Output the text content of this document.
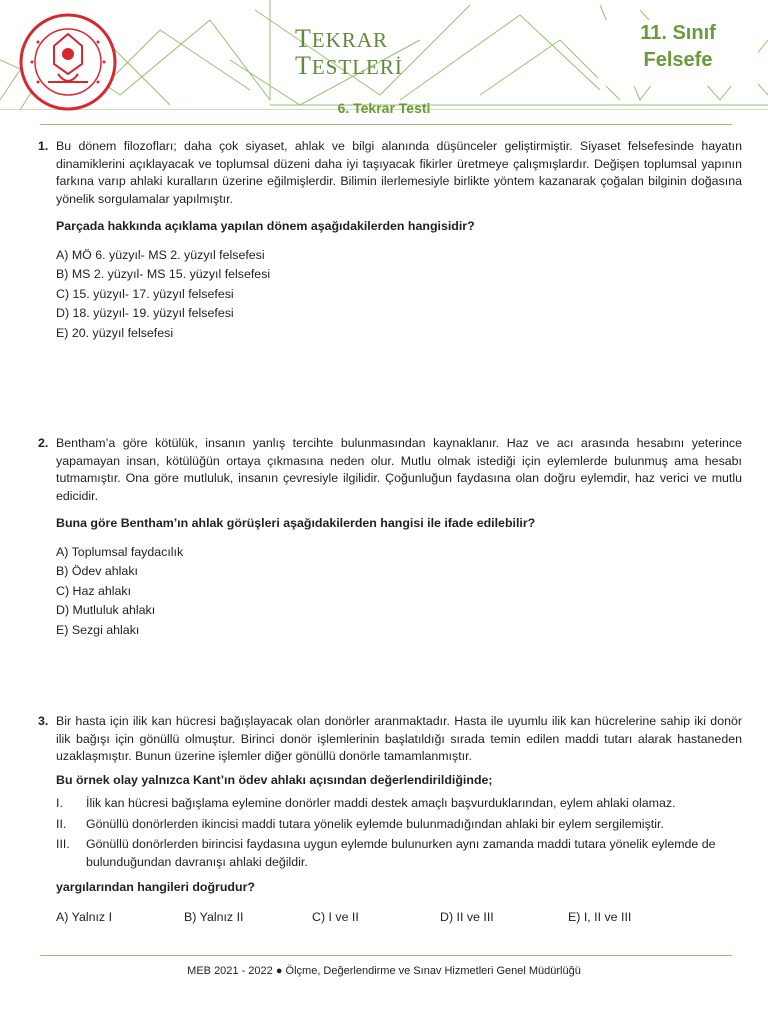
TEKRAR
TESTLERİ
11. Sınıf
Felsefe
6. Tekrar Testi
1. Bu dönem filozofları; daha çok siyaset, ahlak ve bilgi alanında düşünceler geliştirmiştir. Siyaset felsefesinde hayatın dinamiklerini açıklayacak ve toplumsal düzeni daha iyi taşıyacak fikirler üretmeye çalışmışlardır. Değişen toplumsal yapının farkına varıp ahlaki kuralların üzerine eğilmişlerdir. Bilimin ilerlemesiyle birlikte yöntem kazanarak çoğalan bilginin doğasına yönelik sorgulamalar yapılmıştır.
Parçada hakkında açıklama yapılan dönem aşağıdakilerden hangisidir?
A) MÖ 6. yüzyıl- MS 2. yüzyıl felsefesi
B) MS 2. yüzyıl- MS 15. yüzyıl felsefesi
C) 15. yüzyıl- 17. yüzyıl felsefesi
D) 18. yüzyıl- 19. yüzyıl felsefesi
E) 20. yüzyıl felsefesi
2. Bentham’a göre kötülük, insanın yanlış tercihte bulunmasından kaynaklanır. Haz ve acı arasında hesabını yeterince yapamayan insan, kötülüğün ortaya çıkmasına neden olur. Mutlu olmak istediği için eylemlerde bulunmuş ama hesabı tutmamıştır. Ona göre mutluluk, insanın çevresiyle ilgilidir. Çoğunluğun faydasına olan doğru eylemdir, haz verici ve mutlu edicidir.
Buna göre Bentham’ın ahlak görüşleri aşağıdakilerden hangisi ile ifade edilebilir?
A) Toplumsal faydacılık
B) Ödev ahlakı
C) Haz ahlakı
D) Mutluluk ahlakı
E) Sezgi ahlakı
3. Bir hasta için ilik kan hücresi bağışlayacak olan donörler aranmaktadır. Hasta ile uyumlu ilik kan hücrelerine sahip iki donör ilik bağışı için gönüllü olmuştur. Birinci donör işlemlerinin başlatıldığı sırada temin edilen maddi tutarı alarak hastaneden uzaklaşmıştır. Bunun üzerine işlemler diğer gönüllü donörle tamamlanmıştır.
Bu örnek olay yalnızca Kant’ın ödev ahlakı açısından değerlendirildiğinde;
I. İlik kan hücresi bağışlama eylemine donörler maddi destek amaçlı başvurduklarından, eylem ahlaki olamaz.
II. Gönüllü donörlerden ikincisi maddi tutara yönelik eylemde bulunmadığından ahlaki bir eylem sergilemiştir.
III. Gönüllü donörlerden birincisi faydasına uygun eylemde bulunurken aynı zamanda maddi tutara yönelik eylemde de bulunduğundan davranışı ahlaki değildir.
yargılarından hangileri doğrudur?
A) Yalnız I	B) Yalnız II	C) I ve II	D) II ve III	E) I, II ve III
MEB 2021 - 2022 ● Ölçme, Değerlendirme ve Sınav Hizmetleri Genel Müdürlüğü
